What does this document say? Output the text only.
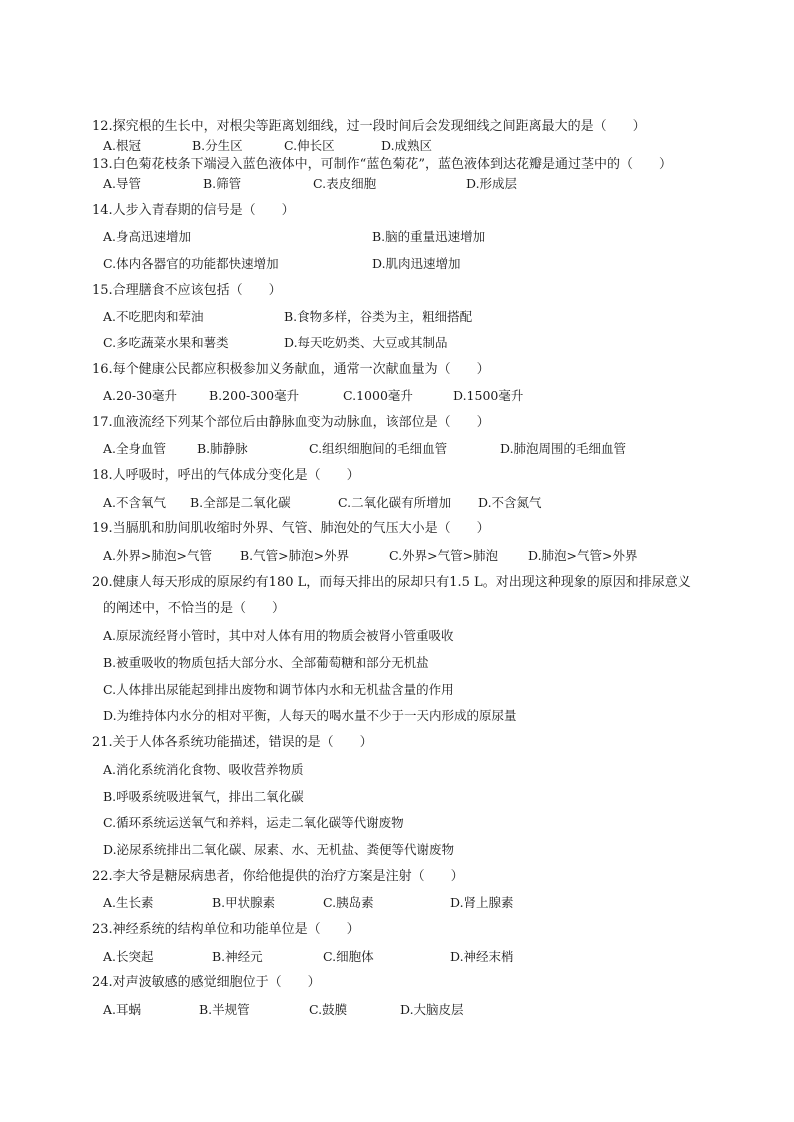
12.探究根的生长中，对根尖等距离划细线，过一段时间后会发现细线之间距离最大的是（　　）
A.根冠	B.分生区	C.伸长区	D.成熟区
13.白色菊花枝条下端浸入蓝色液体中，可制作“蓝色菊花”，蓝色液体到达花瓣是通过茎中的（　　）
A.导管	B.筛管	C.表皮细胞	D.形成层
14.人步入青春期的信号是（　　）
A.身高迅速增加	B.脑的重量迅速增加
C.体内各器官的功能都快速增加	D.肌肉迅速增加
15.合理膳食不应该包括（　　）
A.不吃肥肉和荤油	B.食物多样，谷类为主，粗细搭配
C.多吃蔬菜水果和薯类	D.每天吃奶类、大豆或其制品
16.每个健康公民都应积极参加义务献血，通常一次献血量为（　　）
A.20-30毫升	B.200-300毫升	C.1000毫升	D.1500毫升
17.血液流经下列某个部位后由静脉血变为动脉血，该部位是（　　）
A.全身血管 B.肺静脉	C.组织细胞间的毛细血管	D.肺泡周围的毛细血管
18.人呼吸时，呼出的气体成分变化是（　　）
A.不含氧气 B.全部是二氧化碳	C.二氧化碳有所增加 D.不含氮气
19.当膈肌和肋间肌收缩时外界、气管、肺泡处的气压大小是（　　）
A.外界>肺泡>气管 B.气管>肺泡>外界	C.外界>气管>肺泡 D.肺泡>气管>外界
20.健康人每天形成的原尿约有180 L，而每天排出的尿却只有1.5 L。对出现这种现象的原因和排尿意义
的阐述中，不恰当的是（　　）
A.原尿流经肾小管时，其中对人体有用的物质会被肾小管重吸收
B.被重吸收的物质包括大部分水、全部葡萄糖和部分无机盐
C.人体排出尿能起到排出废物和调节体内水和无机盐含量的作用
D.为维持体内水分的相对平衡，人每天的喝水量不少于一天内形成的原尿量
21.关于人体各系统功能描述，错误的是（　　）
A.消化系统消化食物、吸收营养物质
B.呼吸系统吸进氧气，排出二氧化碳
C.循环系统运送氧气和养料，运走二氧化碳等代谢废物
D.泌尿系统排出二氧化碳、尿素、水、无机盐、粪便等代谢废物
22.李大爷是糖尿病患者，你给他提供的治疗方案是注射（　　）
A.生长素	B.甲状腺素	C.胰岛素	D.肾上腺素
23.神经系统的结构单位和功能单位是（　　）
A.长突起	B.神经元	C.细胞体	D.神经末梢
24.对声波敏感的感觉细胞位于（　　）
A.耳蜗	B.半规管	C.鼓膜	D.大脑皮层
